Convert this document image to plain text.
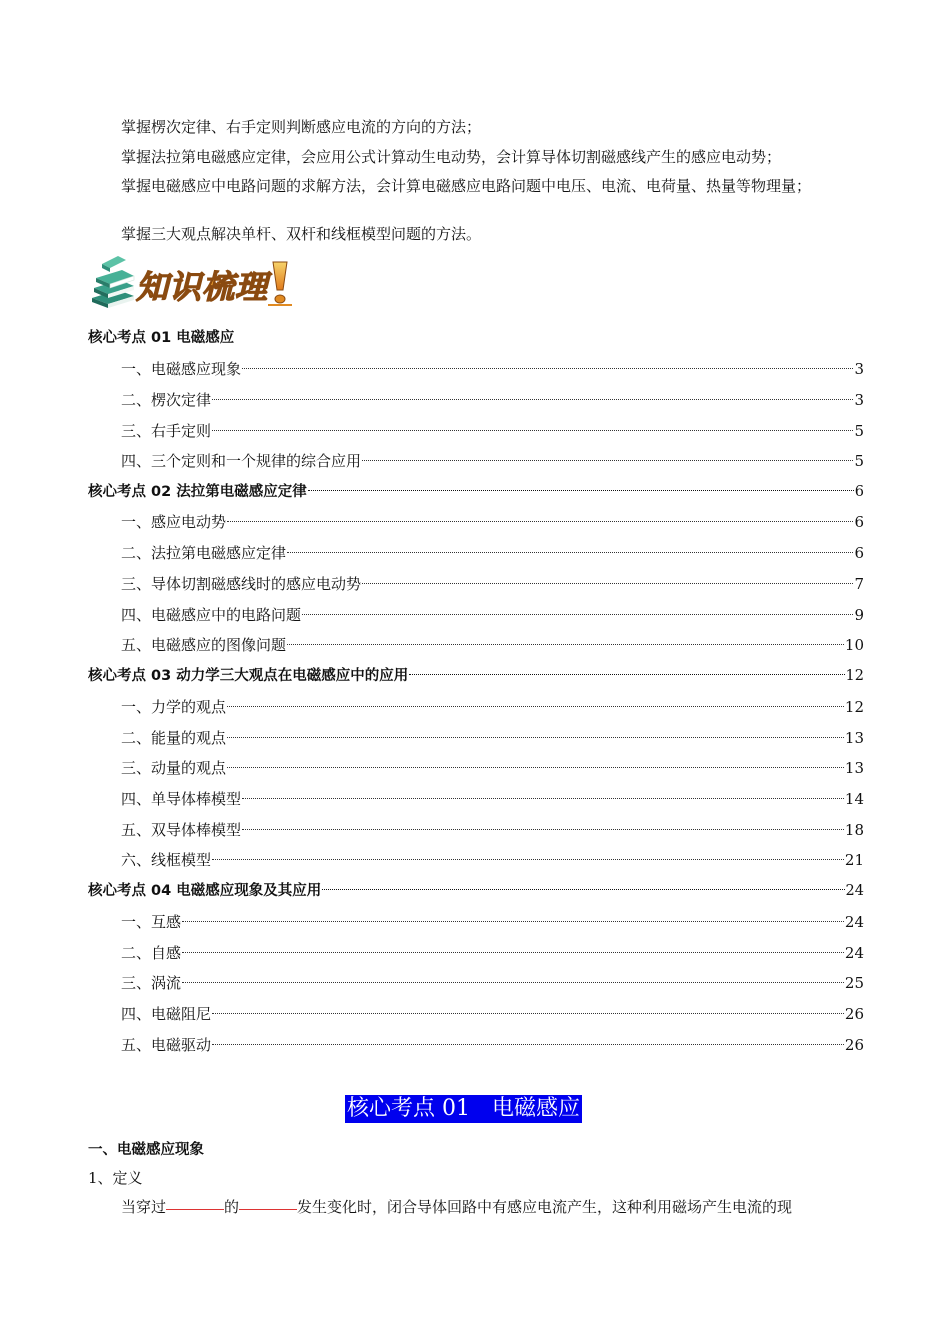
掌握楞次定律、右手定则判断感应电流的方向的方法；
掌握法拉第电磁感应定律，会应用公式计算动生电动势，会计算导体切割磁感线产生的感应电动势；
掌握电磁感应中电路问题的求解方法，会计算电磁感应电路问题中电压、电流、电荷量、热量等物理量；
掌握三大观点解决单杆、双杆和线框模型问题的方法。
知识梳理
核心考点 01 电磁感应
一、电磁感应现象	3
二、楞次定律	3
三、右手定则	5
四、三个定则和一个规律的综合应用	5
核心考点 02 法拉第电磁感应定律	6
一、感应电动势	6
二、法拉第电磁感应定律	6
三、导体切割磁感线时的感应电动势	7
四、电磁感应中的电路问题	9
五、电磁感应的图像问题	10
核心考点 03 动力学三大观点在电磁感应中的应用	12
一、力学的观点	12
二、能量的观点	13
三、动量的观点	13
四、单导体棒模型	14
五、双导体棒模型	18
六、线框模型	21
核心考点 04 电磁感应现象及其应用	24
一、互感	24
二、自感	24
三、涡流	25
四、电磁阻尼	26
五、电磁驱动	26
核心考点 01　电磁感应
一、电磁感应现象
1、定义
当穿过	的	发生变化时，闭合导体回路中有感应电流产生，这种利用磁场产生电流的现
